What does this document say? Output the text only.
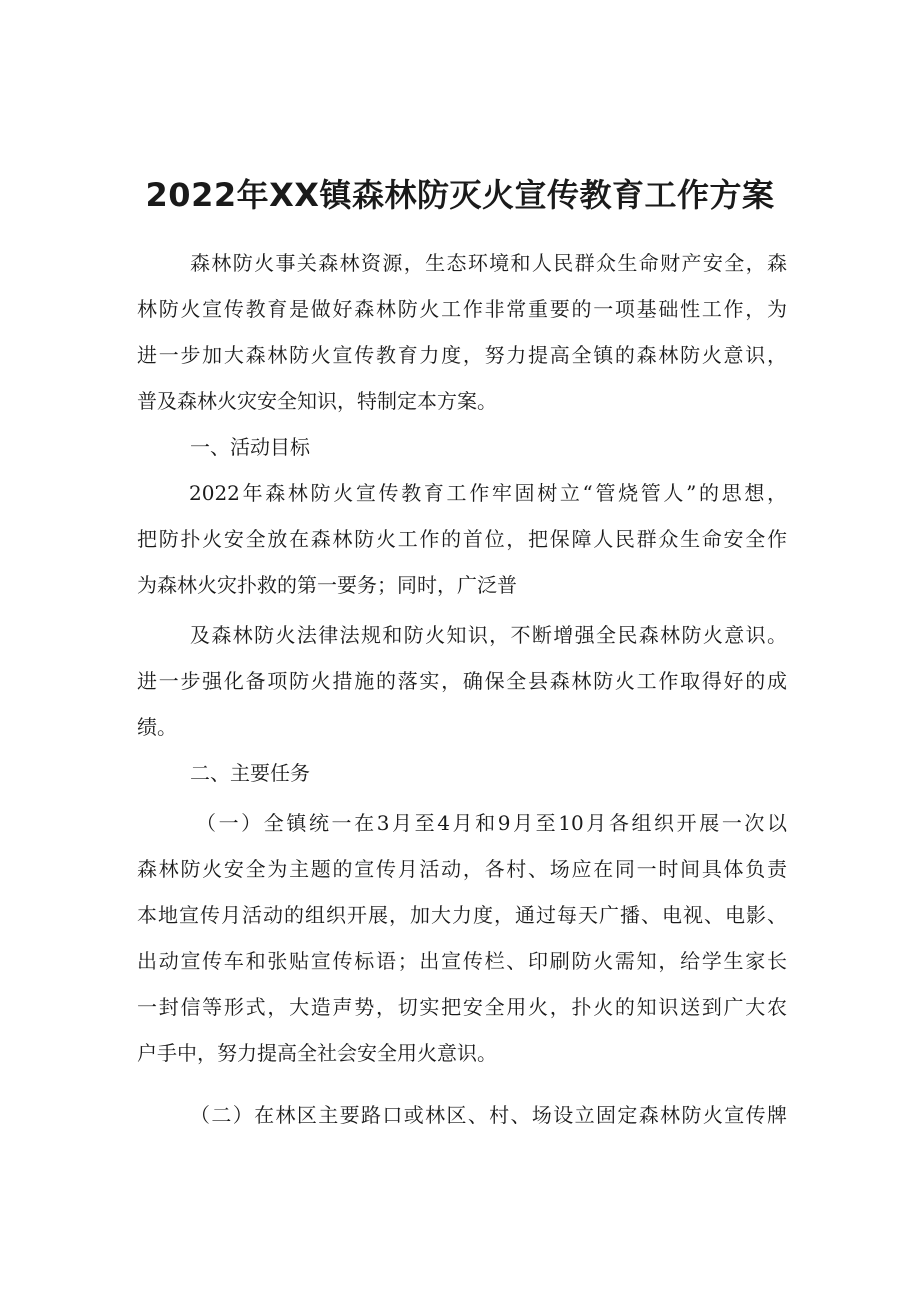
2022年XX镇森林防灭火宣传教育工作方案
森林防火事关森林资源，生态环境和人民群众生命财产安全，森
林防火宣传教育是做好森林防火工作非常重要的一项基础性工作，为
进一步加大森林防火宣传教育力度，努力提高全镇的森林防火意识，
普及森林火灾安全知识，特制定本方案。
一、活动目标
2022年森林防火宣传教育工作牢固树立“管烧管人”的思想，
把防扑火安全放在森林防火工作的首位，把保障人民群众生命安全作
为森林火灾扑救的第一要务；同时，广泛普
及森林防火法律法规和防火知识，不断增强全民森林防火意识。
进一步强化备项防火措施的落实，确保全县森林防火工作取得好的成
绩。
二、主要任务
（一）全镇统一在3月至4月和9月至10月各组织开展一次以
森林防火安全为主题的宣传月活动，各村、场应在同一时间具体负责
本地宣传月活动的组织开展，加大力度，通过每天广播、电视、电影、
出动宣传车和张贴宣传标语；出宣传栏、印刷防火需知，给学生家长
一封信等形式，大造声势，切实把安全用火，扑火的知识送到广大农
户手中，努力提高全社会安全用火意识。
（二）在林区主要路口或林区、村、场设立固定森林防火宣传牌
